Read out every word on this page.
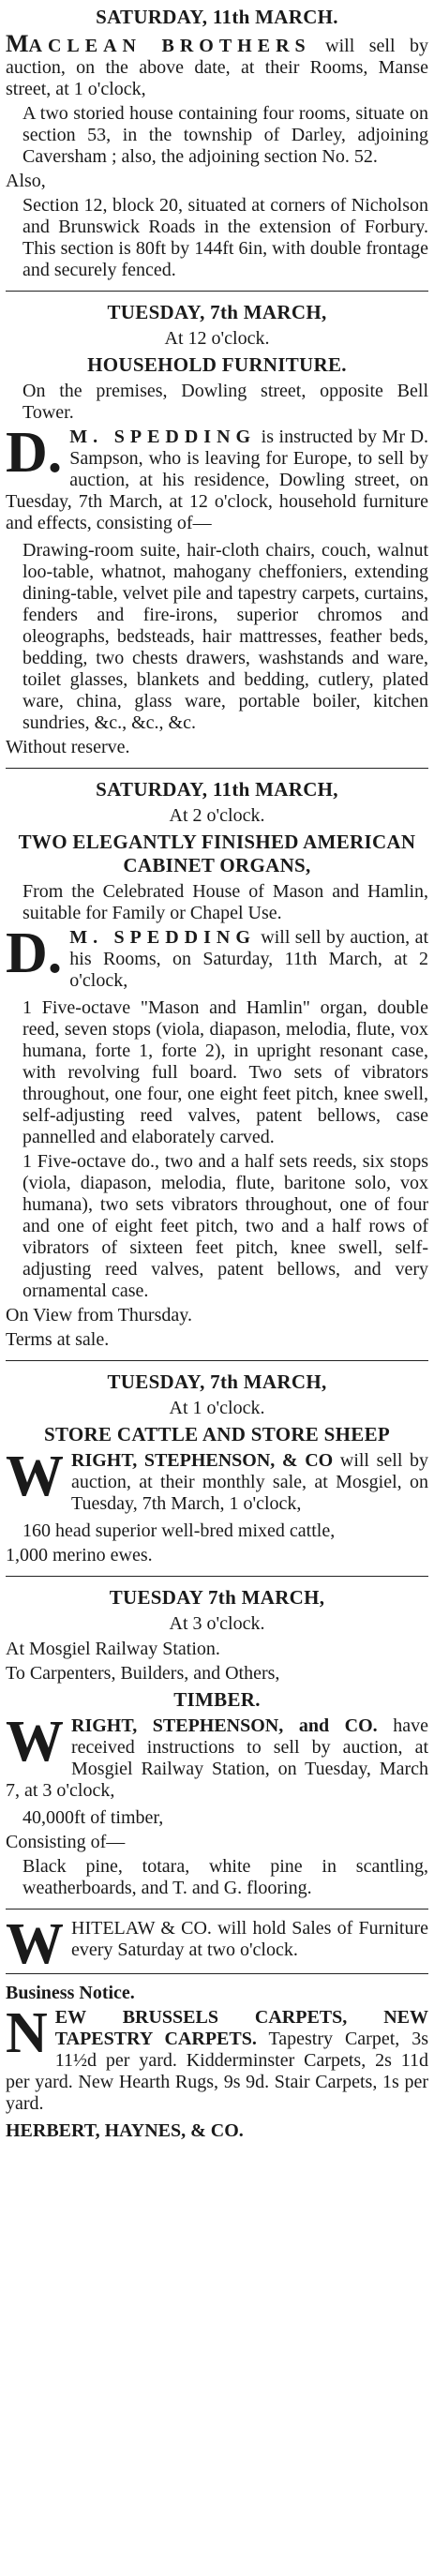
SATURDAY, 11th MARCH.
MACLEAN BROTHERS will sell by auction, on the above date, at their Rooms, Manse street, at 1 o'clock,
A two storied house containing four rooms, situate on section 53, in the township of Darley, adjoining Caversham ; also, the adjoining section No. 52.
Also,
Section 12, block 20, situated at corners of Nicholson and Brunswick Roads in the extension of Forbury. This section is 80ft by 144ft 6in, with double frontage and securely fenced.
TUESDAY, 7th MARCH,
At 12 o'clock.
HOUSEHOLD FURNITURE.
On the premises, Dowling street, opposite Bell Tower.
D. M. SPEDDING is instructed by Mr D. Sampson, who is leaving for Europe, to sell by auction, at his residence, Dowling street, on Tuesday, 7th March, at 12 o'clock, household furniture and effects, consisting of—
Drawing-room suite, hair-cloth chairs, couch, walnut loo-table, whatnot, mahogany cheffoniers, extending dining-table, velvet pile and tapestry carpets, curtains, fenders and fire-irons, superior chromos and oleographs, bedsteads, hair mattresses, feather beds, bedding, two chests drawers, washstands and ware, toilet glasses, blankets and bedding, cutlery, plated ware, china, glass ware, portable boiler, kitchen sundries, &c., &c., &c.
Without reserve.
SATURDAY, 11th MARCH,
At 2 o'clock.
TWO ELEGANTLY FINISHED AMERICAN CABINET ORGANS,
From the Celebrated House of Mason and Hamlin, suitable for Family or Chapel Use.
D. M. SPEDDING will sell by auction, at his Rooms, on Saturday, 11th March, at 2 o'clock,
1 Five-octave "Mason and Hamlin" organ, double reed, seven stops (viola, diapason, melodia, flute, vox humana, forte 1, forte 2), in upright resonant case, with revolving full board. Two sets of vibrators throughout, one four, one eight feet pitch, knee swell, self-adjusting reed valves, patent bellows, case pannelled and elaborately carved.
1 Five-octave do., two and a half sets reeds, six stops (viola, diapason, melodia, flute, baritone solo, vox humana), two sets vibrators throughout, one of four and one of eight feet pitch, two and a half rows of vibrators of sixteen feet pitch, knee swell, self-adjusting reed valves, patent bellows, and very ornamental case.
On View from Thursday.
Terms at sale.
TUESDAY, 7th MARCH,
At 1 o'clock.
STORE CATTLE AND STORE SHEEP
W RIGHT, STEPHENSON, & CO will sell by auction, at their monthly sale, at Mosgiel, on Tuesday, 7th March, 1 o'clock,
160 head superior well-bred mixed cattle,
1,000 merino ewes.
TUESDAY 7th MARCH,
At 3 o'clock.
At Mosgiel Railway Station.
To Carpenters, Builders, and Others,
TIMBER.
W RIGHT, STEPHENSON, and CO. have received instructions to sell by auction, at Mosgiel Railway Station, on Tuesday, March 7, at 3 o'clock,
40,000ft of timber,
Consisting of—
Black pine, totara, white pine in scantling, weatherboards, and T. and G. flooring.
W HITELAW & CO. will hold Sales of Furniture every Saturday at two o'clock.
Business Notice.
N EW BRUSSELS CARPETS, NEW TAPESTRY CARPETS. Tapestry Carpet, 3s 11½d per yard. Kidderminster Carpets, 2s 11d per yard. New Hearth Rugs, 9s 9d. Stair Carpets, 1s per yard.
HERBERT, HAYNES, & CO.
